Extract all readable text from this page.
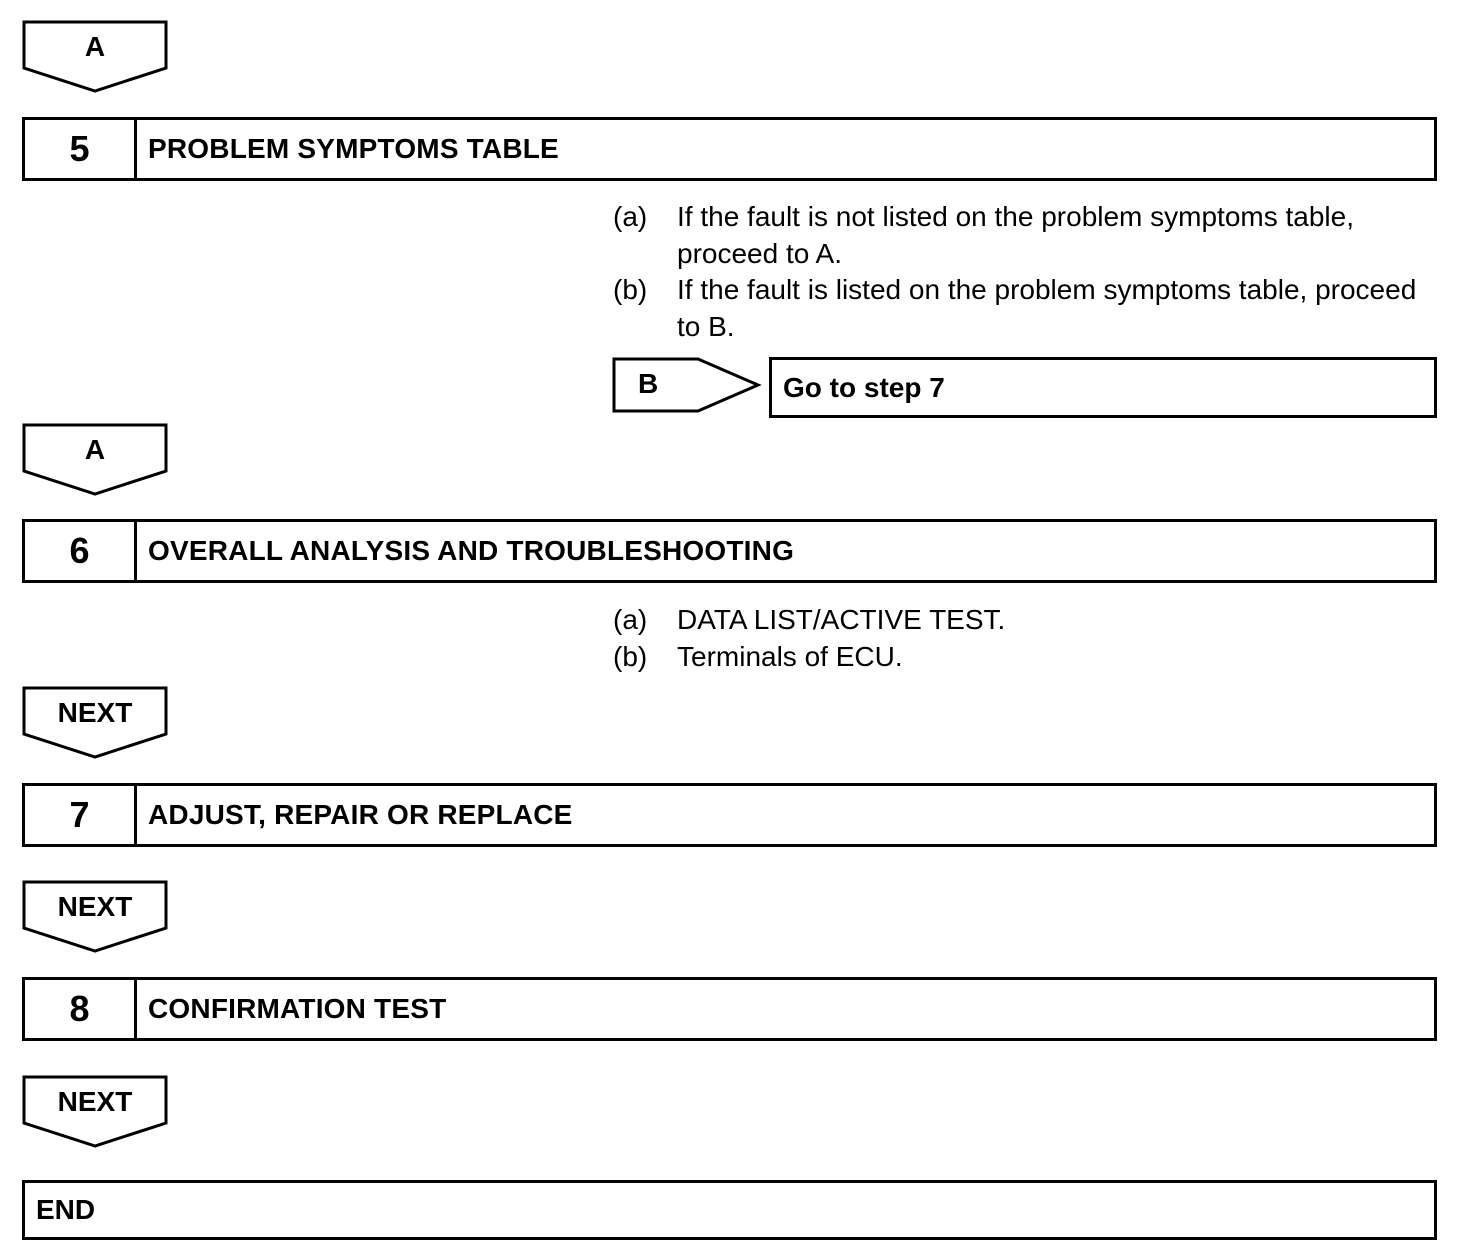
A
5	PROBLEM SYMPTOMS TABLE
(a)	If the fault is not listed on the problem symptoms table, proceed to A.
(b)	If the fault is listed on the problem symptoms table, proceed to B.
B	Go to step 7
A
6	OVERALL ANALYSIS AND TROUBLESHOOTING
(a)	DATA LIST/ACTIVE TEST.
(b)	Terminals of ECU.
NEXT
7	ADJUST, REPAIR OR REPLACE
NEXT
8	CONFIRMATION TEST
NEXT
END
